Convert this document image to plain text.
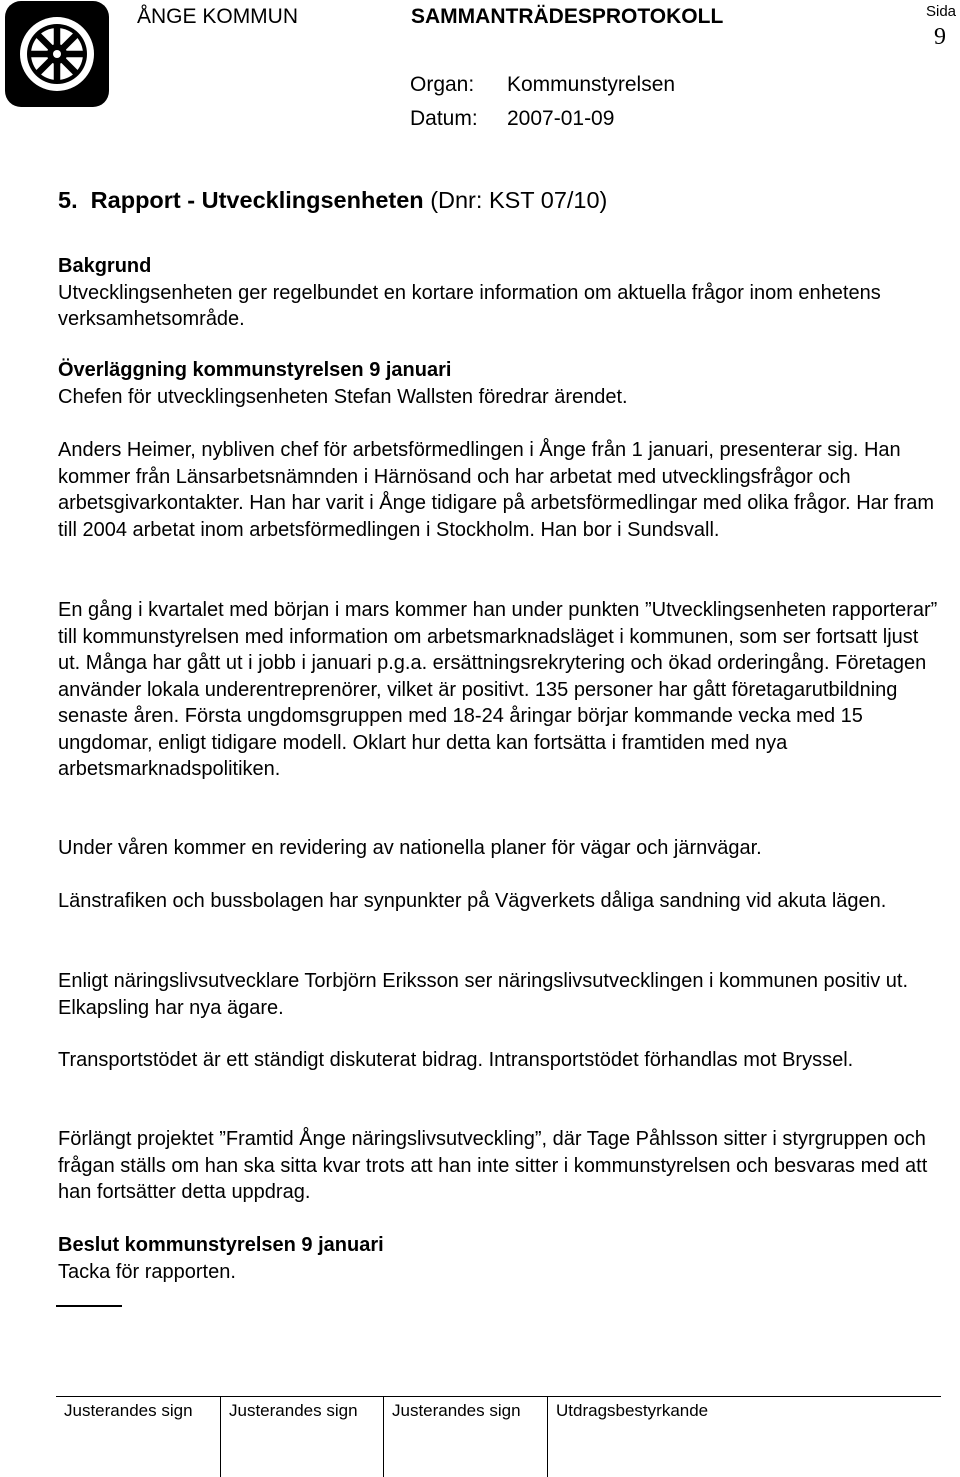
ÅNGE KOMMUN	SAMMANTRÄDESPROTOKOLL	Sida
9
Organ: Kommunstyrelsen
Datum: 2007-01-09
5. Rapport - Utvecklingsenheten (Dnr: KST 07/10)
Bakgrund
Utvecklingsenheten ger regelbundet en kortare information om aktuella frågor inom enhetens verksamhetsområde.
Överläggning kommunstyrelsen 9 januari
Chefen för utvecklingsenheten Stefan Wallsten föredrar ärendet.

Anders Heimer, nybliven chef för arbetsförmedlingen i Ånge från 1 januari, presenterar sig. Han kommer från Länsarbetsnämnden i Härnösand och har arbetat med utvecklingsfrågor och arbetsgivarkontakter. Han har varit i Ånge tidigare på arbetsförmedlingar med olika frågor. Har fram till 2004 arbetat inom arbetsförmedlingen i Stockholm. Han bor i Sundsvall.

En gång i kvartalet med början i mars kommer han under punkten ”Utvecklingsenheten rapporterar” till kommunstyrelsen med information om arbetsmarknadsläget i kommunen, som ser fortsatt ljust ut. Många har gått ut i jobb i januari p.g.a. ersättningsrekrytering och ökad orderingång. Företagen använder lokala underentreprenörer, vilket är positivt. 135 personer har gått företagarutbildning senaste åren. Första ungdomsgruppen med 18-24 åringar börjar kommande vecka med 15 ungdomar, enligt tidigare modell. Oklart hur detta kan fortsätta i framtiden med nya arbetsmarknadspolitiken.

Under våren kommer en revidering av nationella planer för vägar och järnvägar.

Länstrafiken och bussbolagen har synpunkter på Vägverkets dåliga sandning vid akuta lägen.

Enligt näringslivsutvecklare Torbjörn Eriksson ser näringslivsutvecklingen i kommunen positiv ut. Elkapsling har nya ägare.

Transportstödet är ett ständigt diskuterat bidrag. Intransportstödet förhandlas mot Bryssel.

Förlängt projektet ”Framtid Ånge näringslivsutveckling”, där Tage Påhlsson sitter i styrgruppen och frågan ställs om han ska sitta kvar trots att han inte sitter i kommunstyrelsen och besvaras med att han fortsätter detta uppdrag.

Beslut kommunstyrelsen 9 januari
Tacka för rapporten.
Justerandes sign Justerandes sign Justerandes sign Utdragsbestyrkande
